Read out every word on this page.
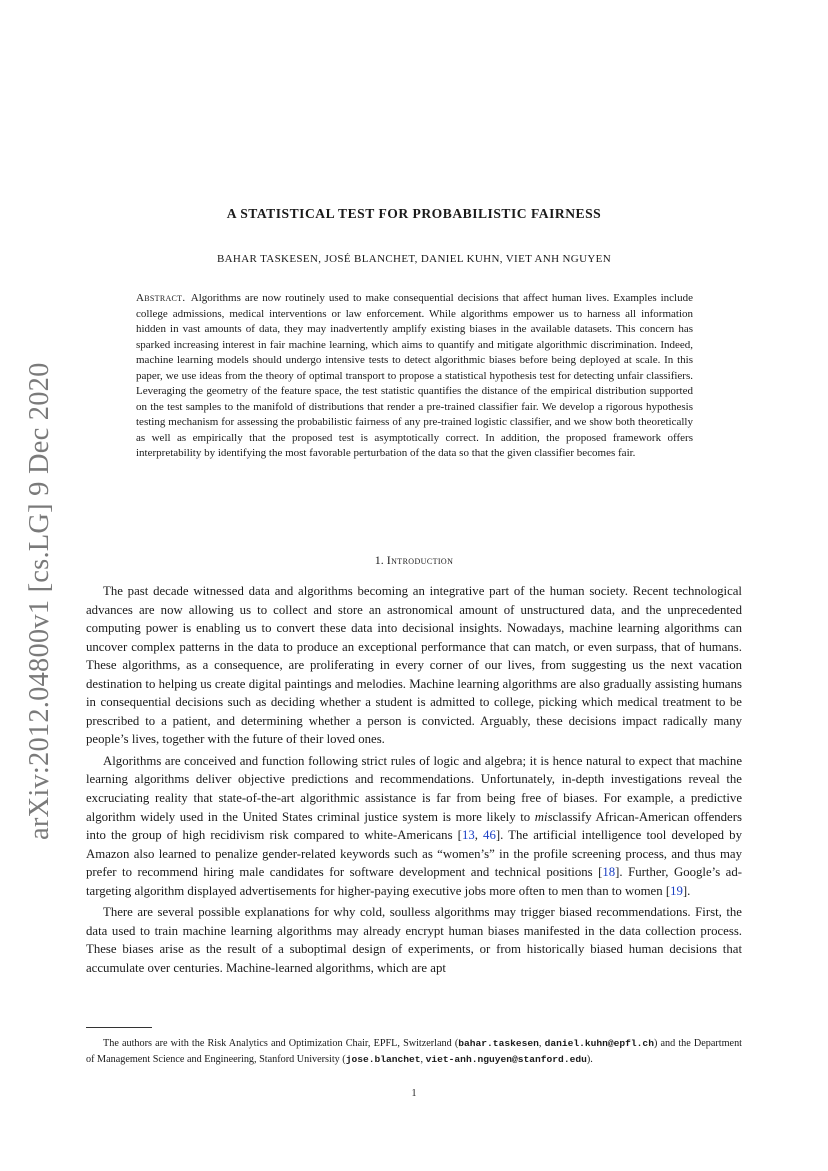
arXiv:2012.04800v1 [cs.LG] 9 Dec 2020
A STATISTICAL TEST FOR PROBABILISTIC FAIRNESS
BAHAR TASKESEN, JOSÉ BLANCHET, DANIEL KUHN, VIET ANH NGUYEN
Abstract. Algorithms are now routinely used to make consequential decisions that affect human lives. Examples include college admissions, medical interventions or law enforcement. While algorithms empower us to harness all information hidden in vast amounts of data, they may inadvertently amplify existing biases in the available datasets. This concern has sparked increasing interest in fair machine learning, which aims to quantify and mitigate algorithmic discrimination. Indeed, machine learning models should undergo intensive tests to detect algorithmic biases before being deployed at scale. In this paper, we use ideas from the theory of optimal transport to propose a statistical hypothesis test for detecting unfair classifiers. Leveraging the geometry of the feature space, the test statistic quantifies the distance of the empirical distribution supported on the test samples to the manifold of distributions that render a pre-trained classifier fair. We develop a rigorous hypothesis testing mechanism for assessing the probabilistic fairness of any pre-trained logistic classifier, and we show both theoretically as well as empirically that the proposed test is asymptotically correct. In addition, the proposed framework offers interpretability by identifying the most favorable perturbation of the data so that the given classifier becomes fair.
1. Introduction

The past decade witnessed data and algorithms becoming an integrative part of the human society. Recent technological advances are now allowing us to collect and store an astronomical amount of unstructured data, and the unprecedented computing power is enabling us to convert these data into decisional insights. Nowadays, machine learning algorithms can uncover complex patterns in the data to produce an exceptional performance that can match, or even surpass, that of humans. These algorithms, as a consequence, are proliferating in every corner of our lives, from suggesting us the next vacation destination to helping us create digital paintings and melodies. Machine learning algorithms are also gradually assisting humans in consequential decisions such as deciding whether a student is admitted to college, picking which medical treatment to be prescribed to a patient, and determining whether a person is convicted. Arguably, these decisions impact radically many people’s lives, together with the future of their loved ones.

Algorithms are conceived and function following strict rules of logic and algebra; it is hence natural to expect that machine learning algorithms deliver objective predictions and recommendations. Unfortunately, in-depth investigations reveal the excruciating reality that state-of-the-art algorithmic assistance is far from being free of biases. For example, a predictive algorithm widely used in the United States criminal justice system is more likely to misclassify African-American offenders into the group of high recidivism risk compared to white-Americans [13, 46]. The artificial intelligence tool developed by Amazon also learned to penalize gender-related keywords such as “women’s” in the profile screening process, and thus may prefer to recommend hiring male candidates for software development and technical positions [18]. Further, Google’s ad-targeting algorithm displayed advertisements for higher-paying executive jobs more often to men than to women [19].

There are several possible explanations for why cold, soulless algorithms may trigger biased recommendations. First, the data used to train machine learning algorithms may already encrypt human biases manifested in the data collection process. These biases arise as the result of a suboptimal design of experiments, or from historically biased human decisions that accumulate over centuries. Machine-learned algorithms, which are apt

The authors are with the Risk Analytics and Optimization Chair, EPFL, Switzerland (bahar.taskesen, daniel.kuhn@epfl.ch) and the Department of Management Science and Engineering, Stanford University (jose.blanchet, viet-anh.nguyen@stanford.edu).

1
